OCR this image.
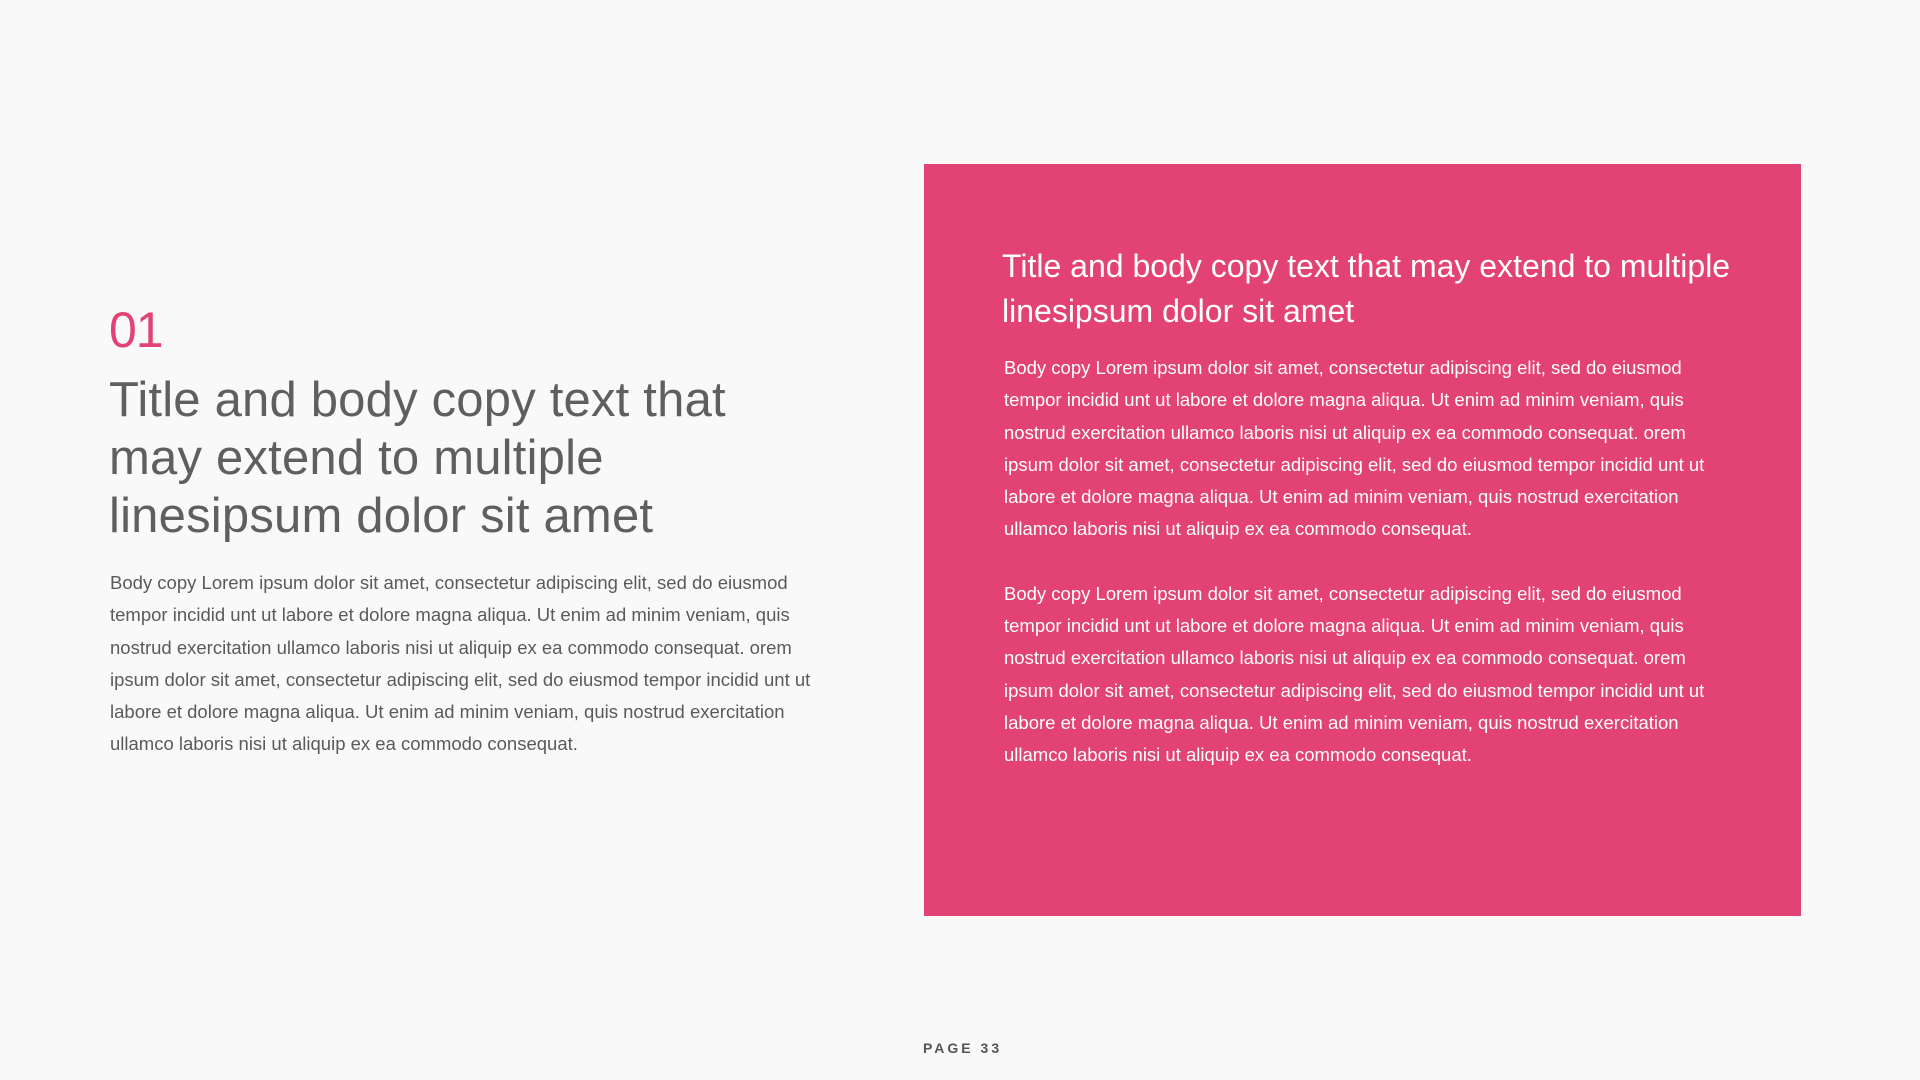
01
Title and body copy text that may extend to multiple linesipsum dolor sit amet

Body copy Lorem ipsum dolor sit amet, consectetur adipiscing elit, sed do eiusmod tempor incidid unt ut labore et dolore magna aliqua. Ut enim ad minim veniam, quis nostrud exercitation ullamco laboris nisi ut aliquip ex ea commodo consequat. orem ipsum dolor sit amet, consectetur adipiscing elit, sed do eiusmod tempor incidid unt ut labore et dolore magna aliqua. Ut enim ad minim veniam, quis nostrud exercitation ullamco laboris nisi ut aliquip ex ea commodo consequat.

Title and body copy text that may extend to multiple linesipsum dolor sit amet

Body copy Lorem ipsum dolor sit amet, consectetur adipiscing elit, sed do eiusmod tempor incidid unt ut labore et dolore magna aliqua. Ut enim ad minim veniam, quis nostrud exercitation ullamco laboris nisi ut aliquip ex ea commodo consequat. orem ipsum dolor sit amet, consectetur adipiscing elit, sed do eiusmod tempor incidid unt ut labore et dolore magna aliqua. Ut enim ad minim veniam, quis nostrud exercitation ullamco laboris nisi ut aliquip ex ea commodo consequat.

Body copy Lorem ipsum dolor sit amet, consectetur adipiscing elit, sed do eiusmod tempor incidid unt ut labore et dolore magna aliqua. Ut enim ad minim veniam, quis nostrud exercitation ullamco laboris nisi ut aliquip ex ea commodo consequat. orem ipsum dolor sit amet, consectetur adipiscing elit, sed do eiusmod tempor incidid unt ut labore et dolore magna aliqua. Ut enim ad minim veniam, quis nostrud exercitation ullamco laboris nisi ut aliquip ex ea commodo consequat.

PAGE 33
